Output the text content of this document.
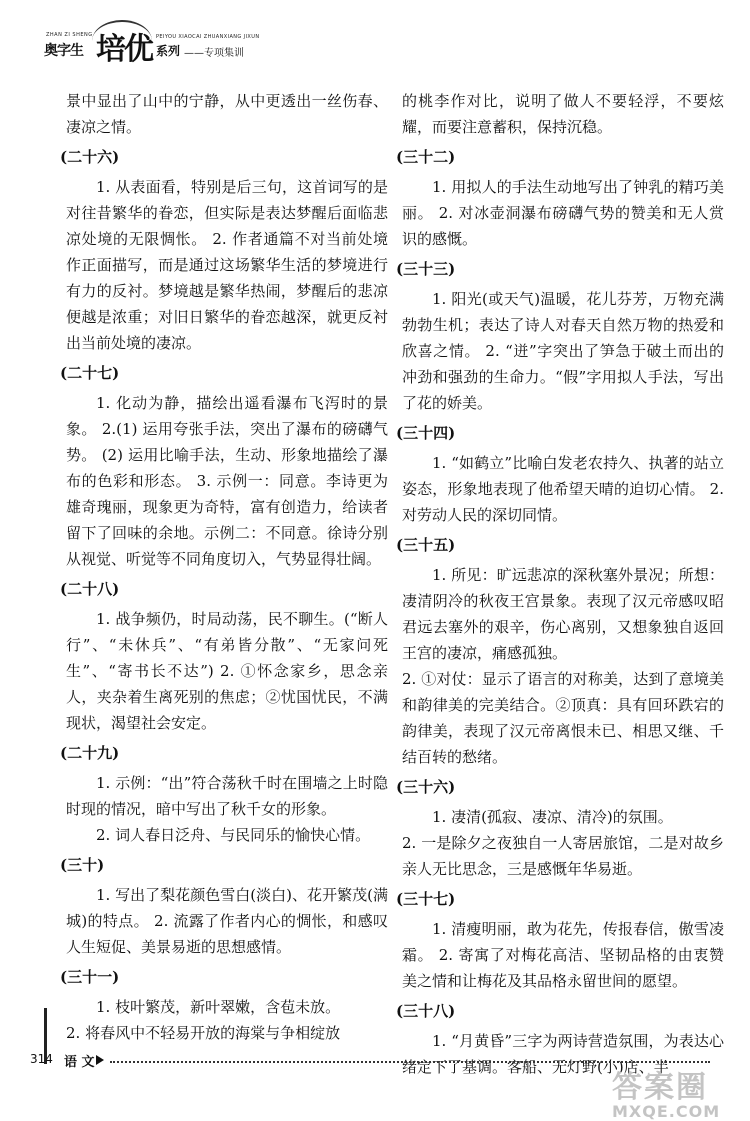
ZHAN ZI SHENG
奥字生 培优 PEIYOU XIAOCAI ZHUANXIANG JIXUN
系列 ——专项集训

景中显出了山中的宁静，从中更透出一丝伤春、凄凉之情。

(二十六)

1. 从表面看，特别是后三句，这首词写的是对往昔繁华的眷恋，但实际是表达梦醒后面临悲凉处境的无限惆怅。 2. 作者通篇不对当前处境作正面描写，而是通过这场繁华生活的梦境进行有力的反衬。梦境越是繁华热闹，梦醒后的悲凉便越是浓重；对旧日繁华的眷恋越深，就更反衬出当前处境的凄凉。

(二十七)

1. 化动为静，描绘出遥看瀑布飞泻时的景象。 2.(1) 运用夸张手法，突出了瀑布的磅礴气势。 (2) 运用比喻手法，生动、形象地描绘了瀑布的色彩和形态。 3. 示例一：同意。李诗更为雄奇瑰丽，现象更为奇特，富有创造力，给读者留下了回味的余地。示例二：不同意。徐诗分别从视觉、听觉等不同角度切入，气势显得壮阔。

(二十八)

1. 战争频仍，时局动荡，民不聊生。(“断人行”、“未休兵”、“有弟皆分散”、“无家问死生”、“寄书长不达”) 2. ①怀念家乡，思念亲人，夹杂着生离死别的焦虑；②忧国忧民，不满现状，渴望社会安定。

(二十九)

1. 示例：“出”符合荡秋千时在围墙之上时隐时现的情况，暗中写出了秋千女的形象。

2. 词人春日泛舟、与民同乐的愉快心情。

(三十)

1. 写出了梨花颜色雪白(淡白)、花开繁茂(满城)的特点。 2. 流露了作者内心的惆怅，和感叹人生短促、美景易逝的思想感情。

(三十一)

1. 枝叶繁茂，新叶翠嫩，含苞未放。

2. 将春风中不轻易开放的海棠与争相绽放

的桃李作对比，说明了做人不要轻浮，不要炫耀，而要注意蓄积，保持沉稳。

(三十二)

1. 用拟人的手法生动地写出了钟乳的精巧美丽。 2. 对冰壶洞瀑布磅礴气势的赞美和无人赏识的感慨。

(三十三)

1. 阳光(或天气)温暖，花儿芬芳，万物充满勃勃生机；表达了诗人对春天自然万物的热爱和欣喜之情。 2. “迸”字突出了笋急于破土而出的冲劲和强劲的生命力。“假”字用拟人手法，写出了花的娇美。

(三十四)

1. “如鹤立”比喻白发老农持久、执著的站立姿态，形象地表现了他希望天晴的迫切心情。 2. 对劳动人民的深切同情。

(三十五)

1. 所见：旷远悲凉的深秋塞外景况；所想：凄清阴冷的秋夜王宫景象。表现了汉元帝感叹昭君远去塞外的艰辛，伤心离别，又想象独自返回王宫的凄凉，痛感孤独。

2. ①对仗：显示了语言的对称美，达到了意境美和韵律美的完美结合。②顶真：具有回环跌宕的韵律美，表现了汉元帝离恨未已、相思又继、千结百转的愁绪。

(三十六)

1. 凄清(孤寂、凄凉、清冷)的氛围。

2. 一是除夕之夜独自一人寄居旅馆，二是对故乡亲人无比思念，三是感慨年华易逝。

(三十七)

1. 清瘦明丽，敢为花先，传报春信，傲雪凌霜。 2. 寄寓了对梅花高洁、坚韧品格的由衷赞美之情和让梅花及其品格永留世间的愿望。

(三十八)

1. “月黄昏”三字为两诗营造氛围，为表达心绪定下了基调。客船、无灯野(小)店、半

314 语 文
答案圈
MXQE.COM
